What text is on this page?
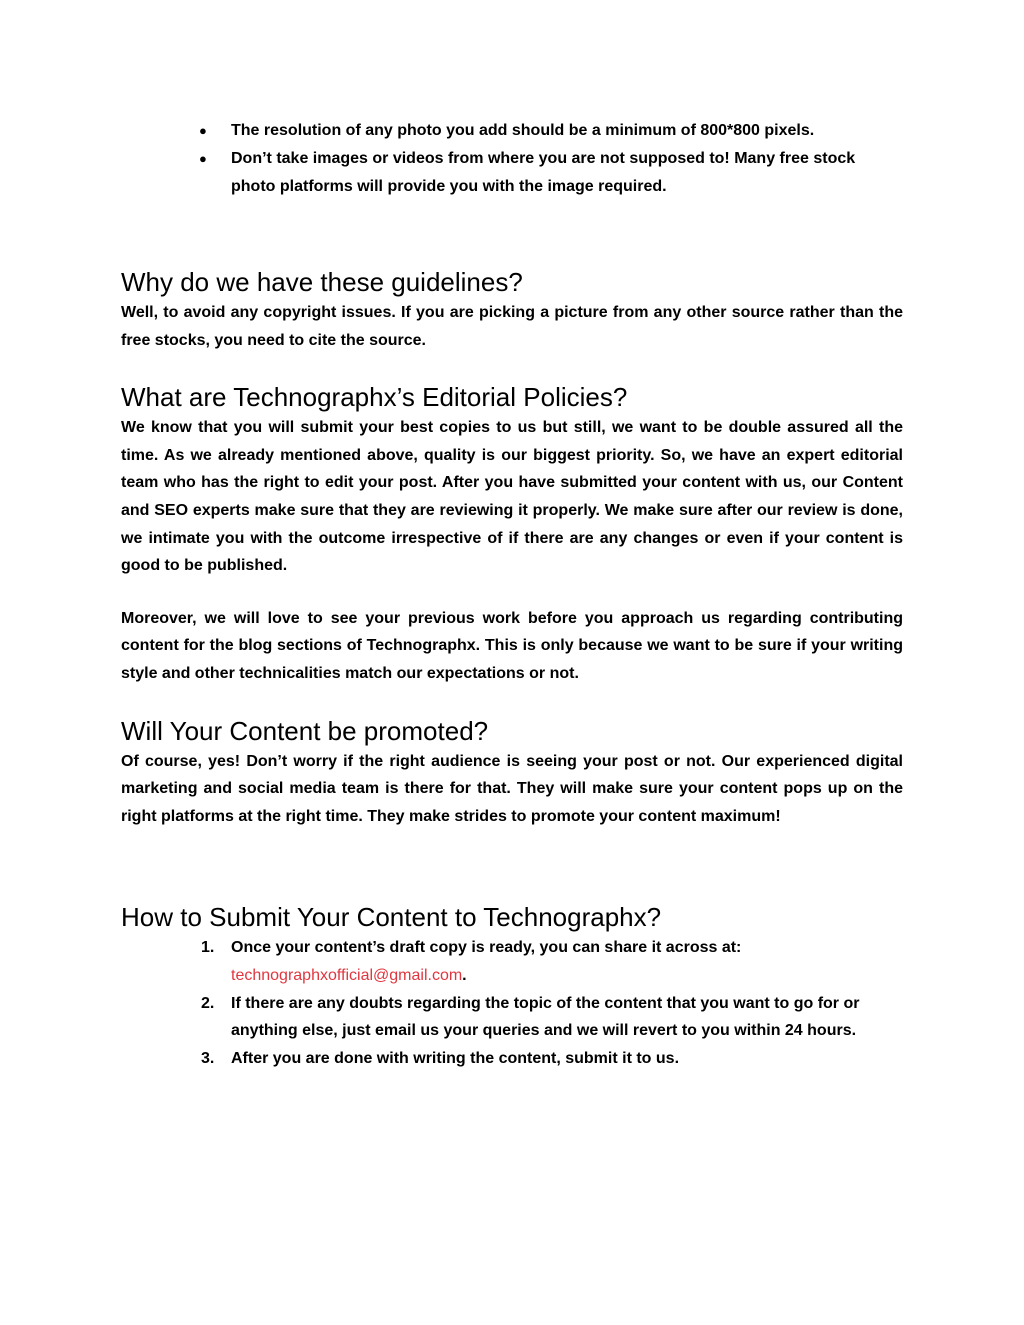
● The resolution of any photo you add should be a minimum of 800*800 pixels.
● Don’t take images or videos from where you are not supposed to! Many free stock photo platforms will provide you with the image required.
Why do we have these guidelines?

Well, to avoid any copyright issues. If you are picking a picture from any other source rather than the free stocks, you need to cite the source.

What are Technographx’s Editorial Policies?

We know that you will submit your best copies to us but still, we want to be double assured all the time. As we already mentioned above, quality is our biggest priority. So, we have an expert editorial team who has the right to edit your post. After you have submitted your content with us, our Content and SEO experts make sure that they are reviewing it properly. We make sure after our review is done, we intimate you with the outcome irrespective of if there are any changes or even if your content is good to be published.

Moreover, we will love to see your previous work before you approach us regarding contributing content for the blog sections of Technographx. This is only because we want to be sure if your writing style and other technicalities match our expectations or not.

Will Your Content be promoted?

Of course, yes! Don’t worry if the right audience is seeing your post or not. Our experienced digital marketing and social media team is there for that. They will make sure your content pops up on the right platforms at the right time. They make strides to promote your content maximum!

How to Submit Your Content to Technographx?
1. Once your content’s draft copy is ready, you can share it across at:
technographxofficial@gmail.com.
2. If there are any doubts regarding the topic of the content that you want to go for or anything else, just email us your queries and we will revert to you within 24 hours.
3. After you are done with writing the content, submit it to us.
